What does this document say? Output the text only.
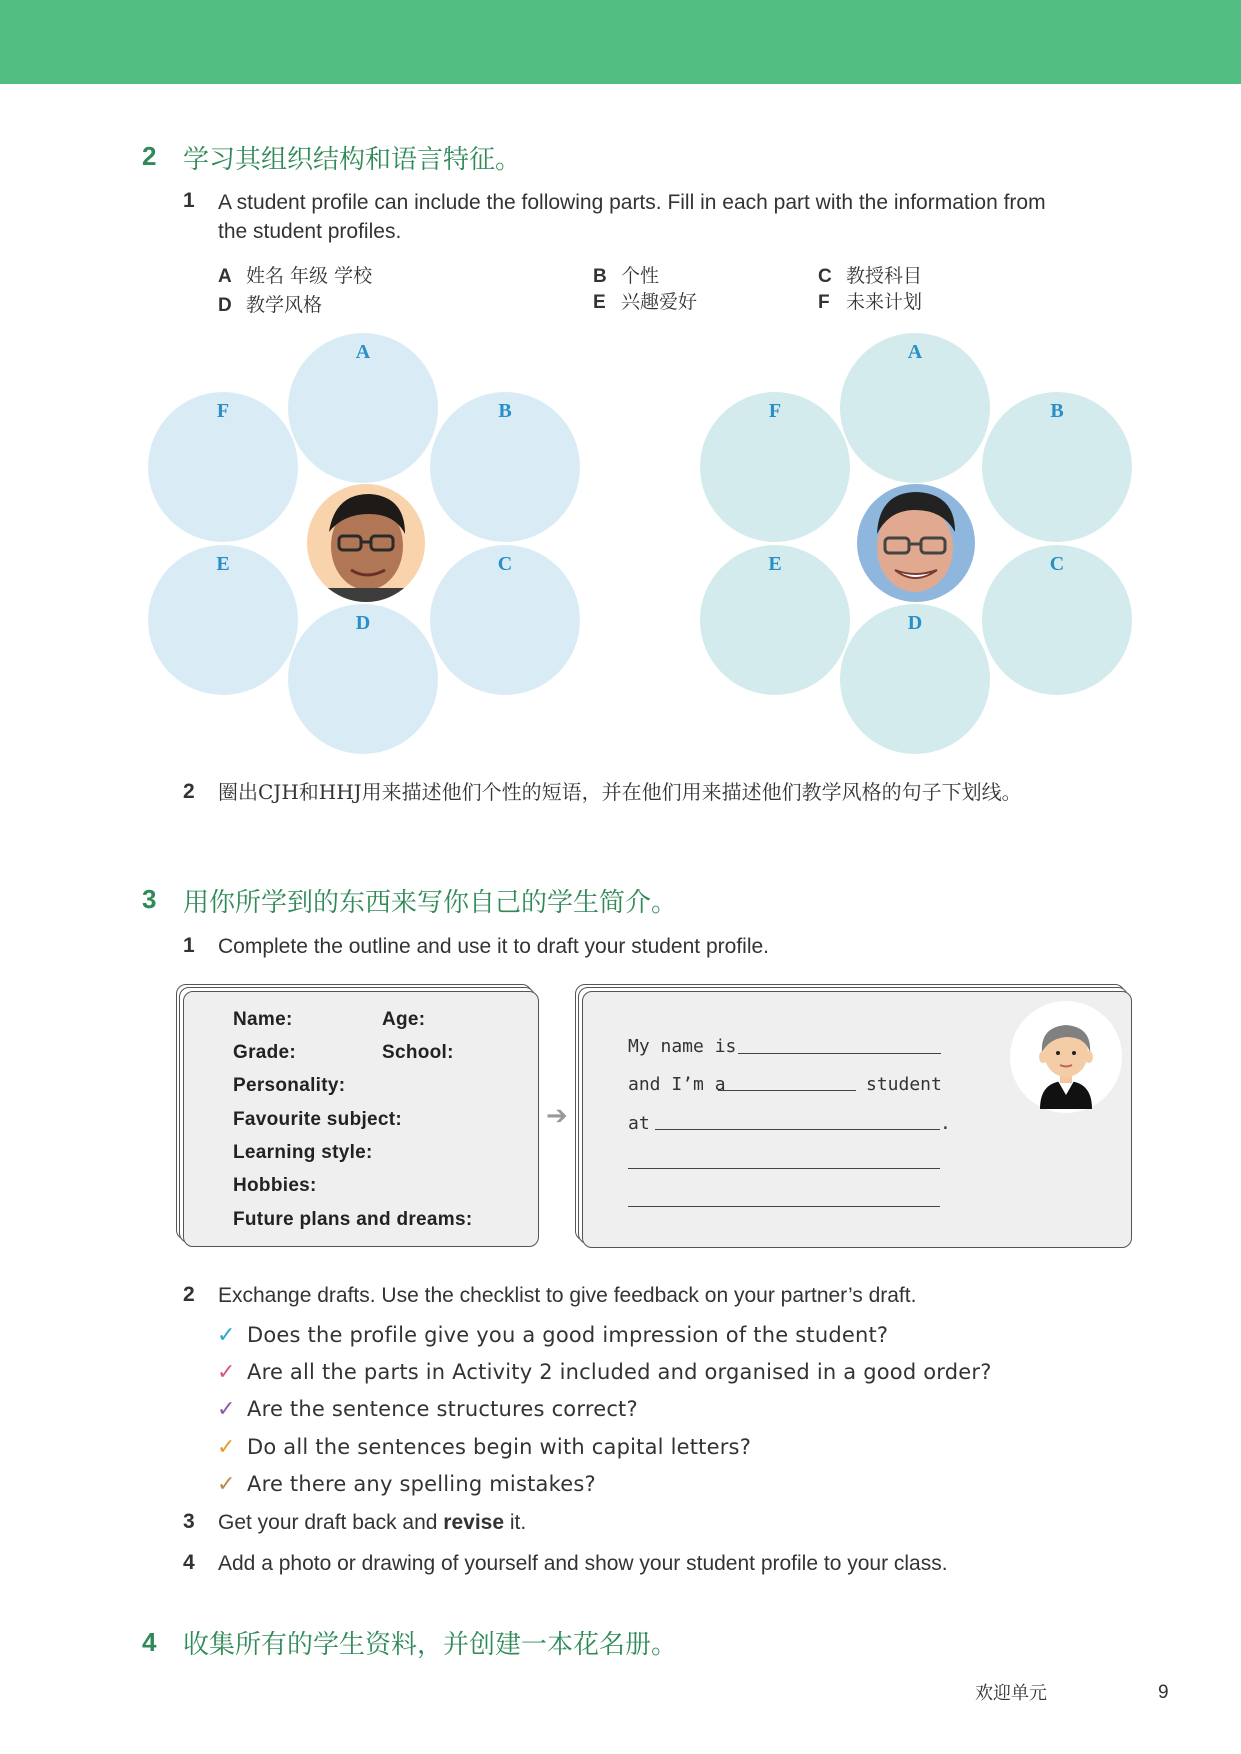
2 学习其组织结构和语言特征。
1 A student profile can include the following parts. Fill in each part with the information from
the student profiles.
A 姓名 年级 学校	B 个性	C 教授科目
D 教学风格	E 兴趣爱好	F 未来计划
A
B
C
D
E
F
A
B
C
D
E
F
2 圈出CJH和HHJ用来描述他们个性的短语，并在他们用来描述他们教学风格的句子下划线。
3 用你所学到的东西来写你自己的学生简介。
1 Complete the outline and use it to draft your student profile.
Name:	Age:
Grade:	School:
Personality:
Favourite subject:
Learning style:
Hobbies:
Future plans and dreams:
➔
My name is
and I’m a	student
at	.
2 Exchange drafts. Use the checklist to give feedback on your partner’s draft.
✓ Does the profile give you a good impression of the student?
✓ Are all the parts in Activity 2 included and organised in a good order?
✓ Are the sentence structures correct?
✓ Do all the sentences begin with capital letters?
✓ Are there any spelling mistakes?
3 Get your draft back and revise it.
4 Add a photo or drawing of yourself and show your student profile to your class.
4 收集所有的学生资料，并创建一本花名册。
欢迎单元	9
